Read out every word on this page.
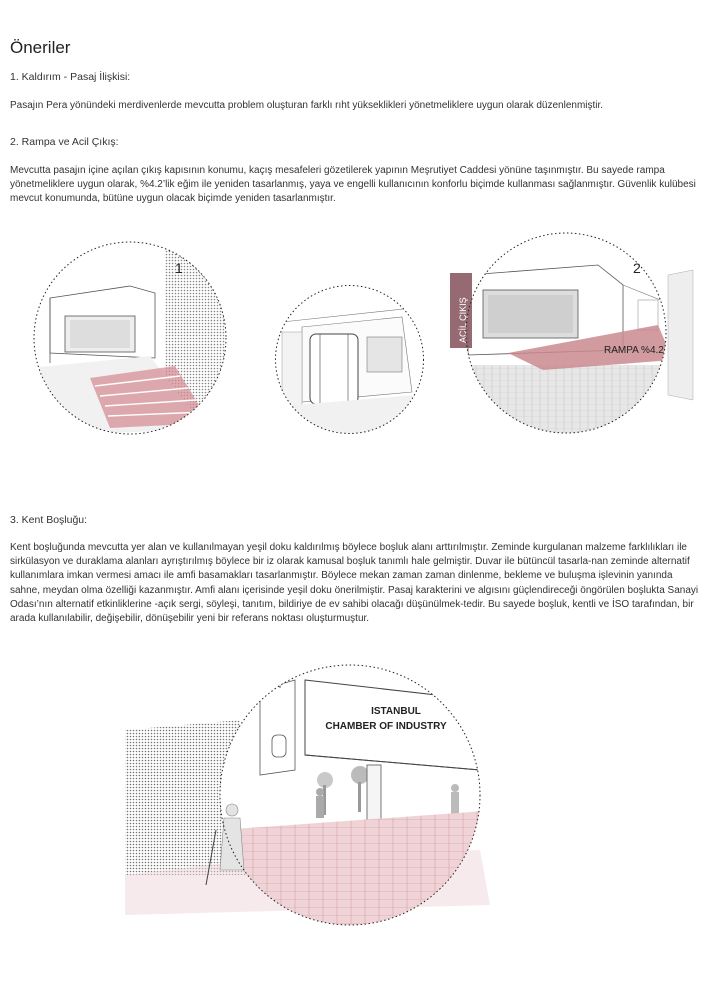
Öneriler
1. Kaldırım - Pasaj İlişkisi:
Pasajın Pera yönündeki merdivenlerde mevcutta problem oluşturan farklı rıht yükseklikleri yönetmeliklere uygun olarak düzenlenmiştir.
2. Rampa ve Acil Çıkış:
Mevcutta pasajın içine açılan çıkış kapısının konumu, kaçış mesafeleri gözetilerek yapının Meşrutiyet Caddesi yönüne taşınmıştır. Bu sayede rampa yönetmeliklere uygun olarak, %4.2’lik eğim ile yeniden tasarlanmış, yaya ve engelli kullanıcının konforlu biçimde kullanması sağlanmıştır. Güvenlik kulübesi mevcut konumunda, bütüne uygun olacak biçimde yeniden tasarlanmıştır.
1
ACİL ÇIKIŞ
2
RAMPA %4.2
3. Kent Boşluğu:
Kent boşluğunda mevcutta yer alan ve kullanılmayan yeşil doku kaldırılmış böylece boşluk alanı arttırılmıştır. Zeminde kurgulanan malzeme farklılıkları ile sirkülasyon ve duraklama alanları ayrıştırılmış böylece bir iz olarak kamusal boşluk tanımlı hale gelmiştir. Duvar ile bütüncül tasarla-nan zeminde alternatif kullanımlara imkan vermesi amacı ile amfi basamakları tasarlanmıştır. Böylece mekan zaman zaman dinlenme, bekleme ve buluşma işlevinin yanında sahne, meydan olma özelliği kazanmıştır. Amfi alanı içerisinde yeşil doku önerilmiştir. Pasaj karakterini ve algısını güçlendireceği öngörülen boşlukta Sanayi Odası’nın alternatif etkinliklerine -açık sergi, söyleşi, tanıtım, bildiriye de ev sahibi olacağı düşünülmek-tedir. Bu sayede boşluk, kentli ve İSO tarafından, bir arada kullanılabilir, değişebilir, dönüşebilir yeni bir referans noktası oluşturmuştur.
ISTANBUL
CHAMBER OF INDUSTRY
